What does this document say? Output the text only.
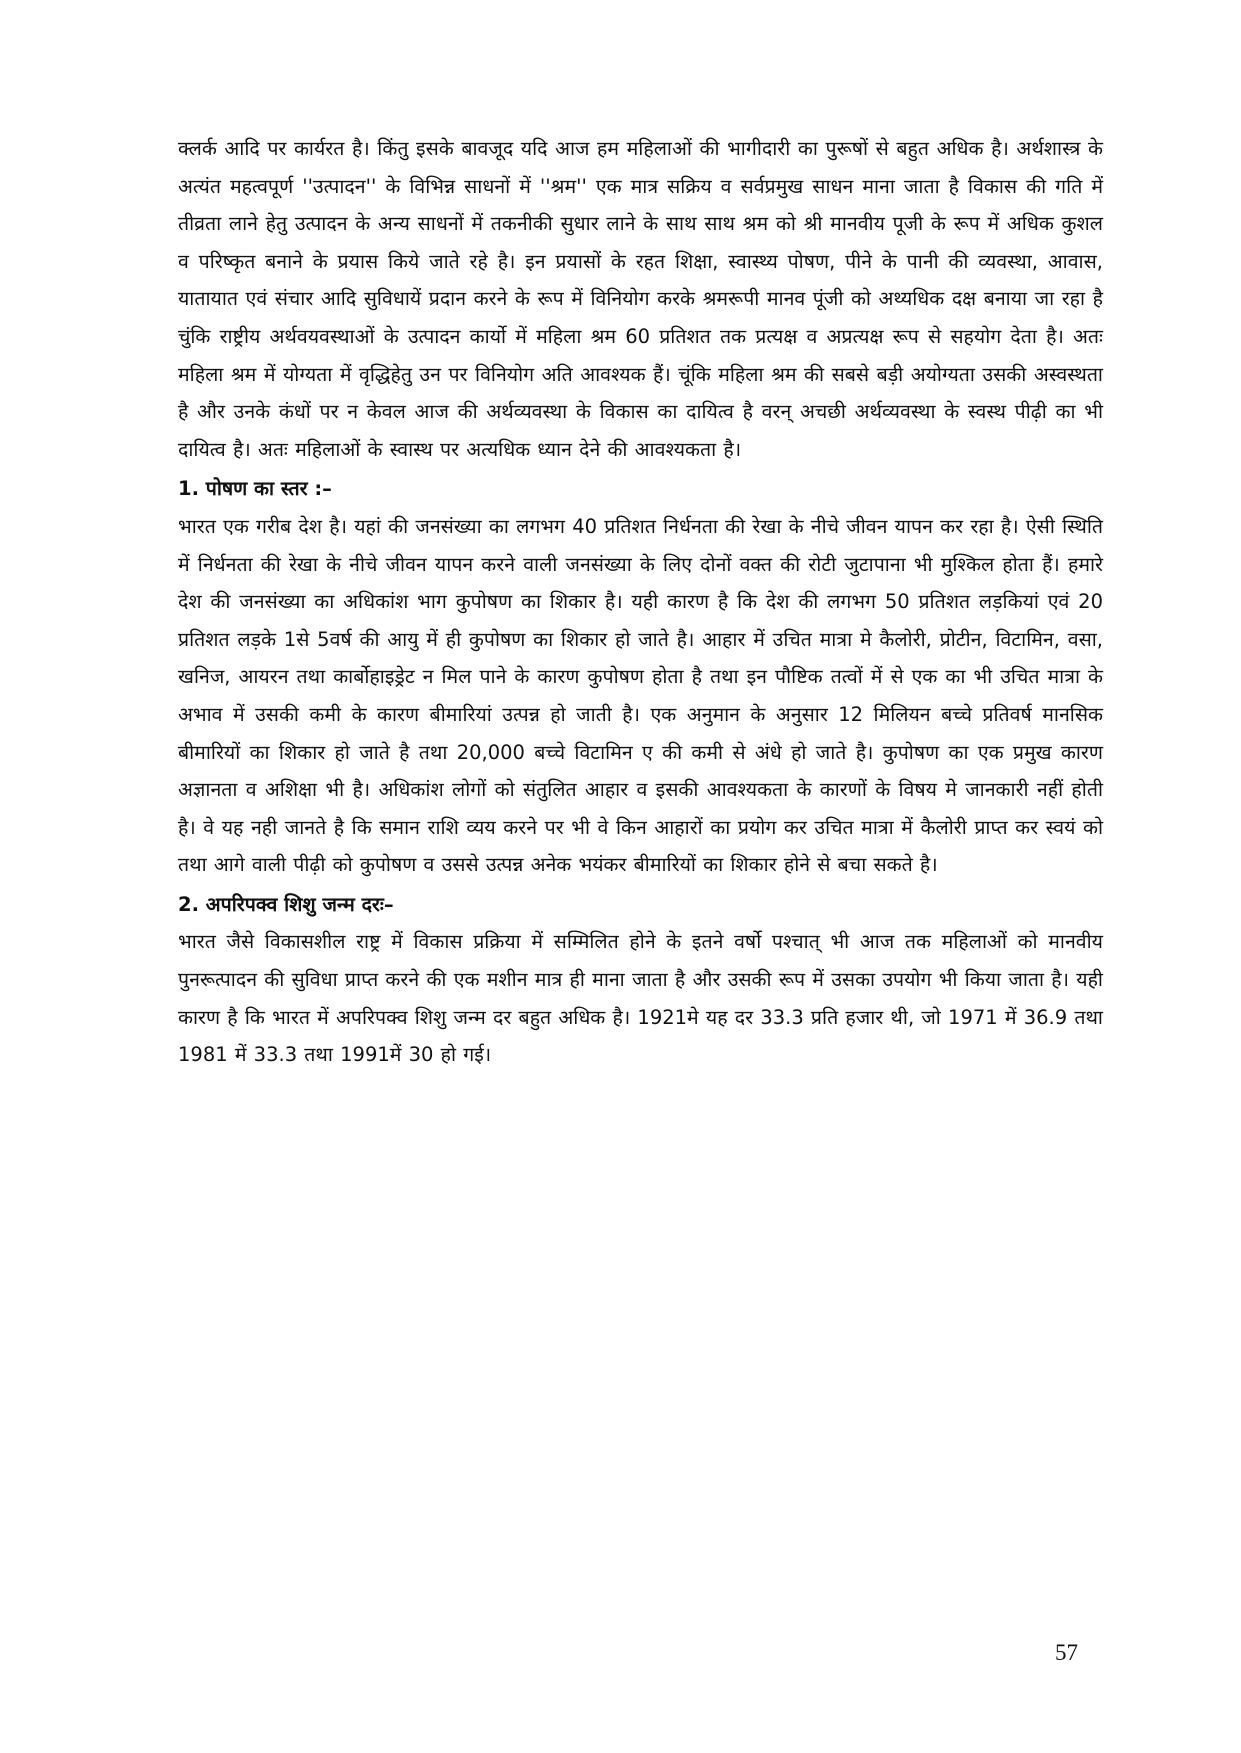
क्लर्क आदि पर कार्यरत है। किंतु इसके बावजूद यदि आज हम महिलाओं की भागीदारी का पुरूषों से बहुत अधिक है। अर्थशास्त्र के अत्यंत महत्वपूर्ण ''उत्पादन'' के विभिन्न साधनों में ''श्रम'' एक मात्र सक्रिय व सर्वप्रमुख साधन माना जाता है विकास की गति में तीव्रता लाने हेतु उत्पादन के अन्य साधनों में तकनीकी सुधार लाने के साथ साथ श्रम को श्री मानवीय पूजी के रूप में अधिक कुशल व परिष्कृत बनाने के प्रयास किये जाते रहे है। इन प्रयासों के रहत शिक्षा, स्वास्थ्य पोषण, पीने के पानी की व्यवस्था, आवास, यातायात एवं संचार आदि सुविधायें प्रदान करने के रूप में विनियोग करके श्रमरूपी मानव पूंजी को अथ्यधिक दक्ष बनाया जा रहा है चुंकि राष्ट्रीय अर्थवयवस्थाओं के उत्पादन कार्यो में महिला श्रम 60 प्रतिशत तक प्रत्यक्ष व अप्रत्यक्ष रूप से सहयोग देता है। अतः महिला श्रम में योग्यता में वृद्धिहेतु उन पर विनियोग अति आवश्यक हैं। चूंकि महिला श्रम की सबसे बड़ी अयोग्यता उसकी अस्वस्थता है और उनके कंधों पर न केवल आज की अर्थव्यवस्था के विकास का दायित्व है वरन् अचछी अर्थव्यवस्था के स्वस्थ पीढ़ी का भी दायित्व है। अतः महिलाओं के स्वास्थ पर अत्यधिक ध्यान देने की आवश्यकता है।

1. पोषण का स्तर :–

भारत एक गरीब देश है। यहां की जनसंख्या का लगभग 40 प्रतिशत निर्धनता की रेखा के नीचे जीवन यापन कर रहा है। ऐसी स्थिति में निर्धनता की रेखा के नीचे जीवन यापन करने वाली जनसंख्या के लिए दोनों वक्त की रोटी जुटापाना भी मुश्किल होता हैं। हमारे देश की जनसंख्या का अधिकांश भाग कुपोषण का शिकार है। यही कारण है कि देश की लगभग 50 प्रतिशत लड़कियां एवं 20 प्रतिशत लड़के 1से 5वर्ष की आयु में ही कुपोषण का शिकार हो जाते है। आहार में उचित मात्रा मे कैलोरी, प्रोटीन, विटामिन, वसा, खनिज, आयरन तथा कार्बोहाइड्रेट न मिल पाने के कारण कुपोषण होता है तथा इन पौष्टिक तत्वों में से एक का भी उचित मात्रा के अभाव में उसकी कमी के कारण बीमारियां उत्पन्न हो जाती है। एक अनुमान के अनुसार 12 मिलियन बच्चे प्रतिवर्ष मानसिक बीमारियों का शिकार हो जाते है तथा 20,000 बच्चे विटामिन ए की कमी से अंधे हो जाते है। कुपोषण का एक प्रमुख कारण अज्ञानता व अशिक्षा भी है। अधिकांश लोगों को संतुलित आहार व इसकी आवश्यकता के कारणों के विषय मे जानकारी नहीं होती है। वे यह नही जानते है कि समान राशि व्यय करने पर भी वे किन आहारों का प्रयोग कर उचित मात्रा में कैलोरी प्राप्त कर स्वयं को तथा आगे वाली पीढ़ी को कुपोषण व उससे उत्पन्न अनेक भयंकर बीमारियों का शिकार होने से बचा सकते है।

2. अपरिपक्व शिशु जन्म दरः–

भारत जैसे विकासशील राष्ट्र में विकास प्रक्रिया में सम्मिलित होने के इतने वर्षो पश्चात् भी आज तक महिलाओं को मानवीय पुनरूत्पादन की सुविधा प्राप्त करने की एक मशीन मात्र ही माना जाता है और उसकी रूप में उसका उपयोग भी किया जाता है। यही कारण है कि भारत में अपरिपक्व शिशु जन्म दर बहुत अधिक है। 1921मे यह दर 33.3 प्रति हजार थी, जो 1971 में 36.9 तथा 1981 में 33.3 तथा 1991में 30 हो गई।

57
